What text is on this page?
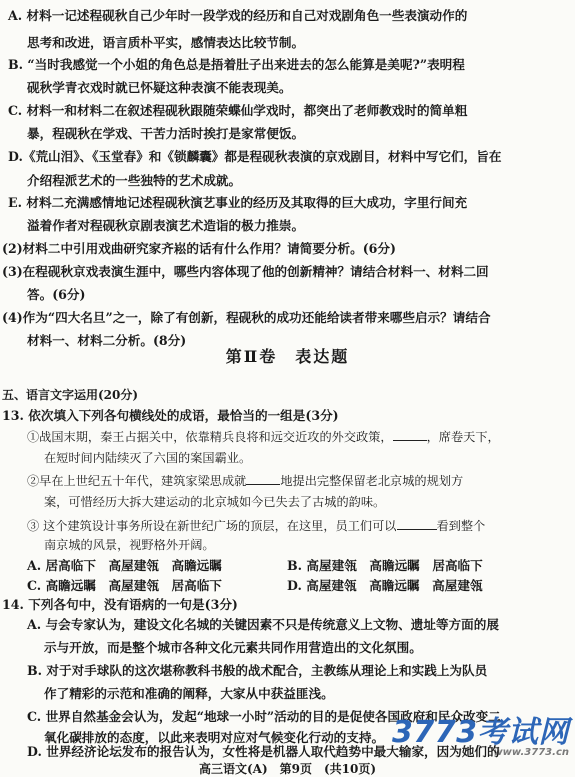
A. 材料一记述程砚秋自己少年时一段学戏的经历和自己对戏剧角色一些表演动作的
思考和改进，语言质朴平实，感情表达比较节制。
B. “当时我感觉一个小姐的角色总是捂着肚子出来进去的怎么能算是美呢?”表明程
砚秋学青衣戏时就已怀疑这种表演不能表现美。
C. 材料一和材料二在叙述程砚秋跟随荣蝶仙学戏时，都突出了老师教戏时的简单粗
暴，程砚秋在学戏、干苦力活时挨打是家常便饭。
D.《荒山泪》、《玉堂春》和《锁麟囊》都是程砚秋表演的京戏剧目，材料中写它们，旨在
介绍程派艺术的一些独特的艺术成就。
E. 材料二充满感情地记述程砚秋演艺事业的经历及其取得的巨大成功，字里行间充
溢着作者对程砚秋京剧表演艺术造诣的极力推崇。
(2)材料二中引用戏曲研究家齐崧的话有什么作用？请简要分析。(6分)
(3)在程砚秋京戏表演生涯中，哪些内容体现了他的创新精神？请结合材料一、材料二回
答。(6分)
(4)作为“四大名旦”之一，除了有创新，程砚秋的成功还能给读者带来哪些启示？请结合
材料一、材料二分析。(8分)
第Ⅱ卷　表达题
五、语言文字运用(20分)
13. 依次填入下列各句横线处的成语，最恰当的一组是(3分)
①战国末期，秦王占据关中，依靠精兵良将和远交近攻的外交政策，	，席卷天下，
在短时间内陆续灭了六国的案国霸业。
②早在上世纪五十年代，建筑家梁思成就	地提出完整保留老北京城的规划方
案，可惜经历大拆大建运动的北京城如今已失去了古城的韵味。
③ 这个建筑设计事务所设在新世纪广场的顶层，在这里，员工们可以	看到整个
南京城的风景，视野格外开阔。
A. 居高临下　高屋建瓴　高瞻远瞩	B. 高屋建瓴　高瞻远瞩　居高临下
C. 高瞻远瞩　高屋建瓴　居高临下	D. 高屋建瓴　高瞻远瞩　高屋建瓴
14. 下列各句中，没有语病的一句是(3分)
A. 与会专家认为，建设文化名城的关键因素不只是传统意义上文物、遗址等方面的展
示与开放，而是整个城市各种文化元素共同作用营造出的文化氛围。
B. 对于对手球队的这次堪称教科书般的战术配合，主教练从理论上和实践上为队员
作了精彩的示范和准确的阐释，大家从中获益匪浅。
C. 世界自然基金会认为，发起“地球一小时”活动的目的是促使各国政府和民众改变二
氧化碳排放的态度，以此来表明对应对气候变化行动的支持。
高三语文(A)　第9页　(共10页)
3773考试网
www.3773.cn
D. 世界经济论坛发布的报告认为，女性将是机器人取代趋势中最大输家，因为她们的
